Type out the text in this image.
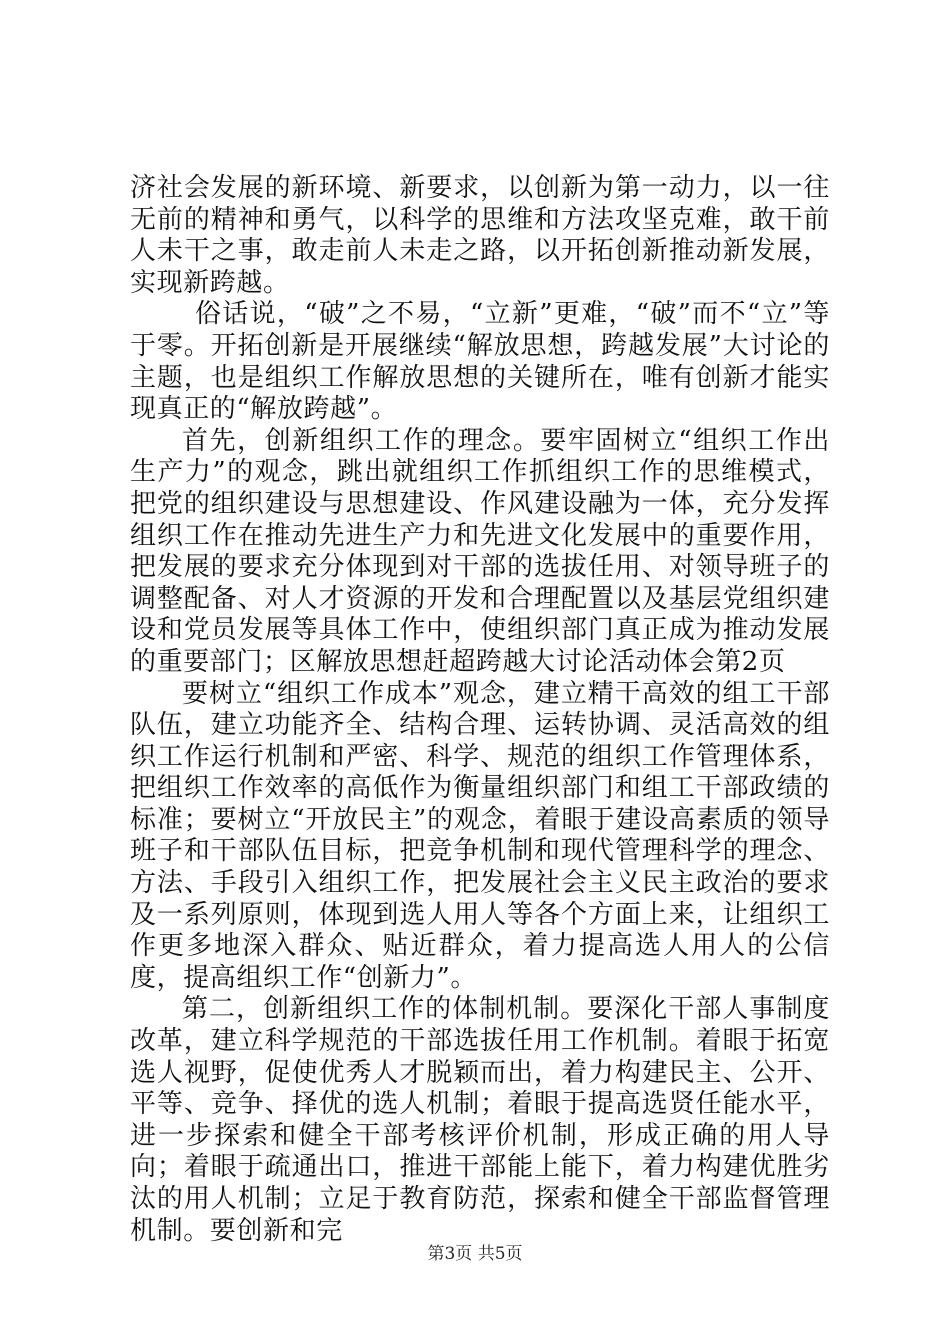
济社会发展的新环境、新要求，以创新为第一动力，以一往无前的精神和勇气，以科学的思维和方法攻坚克难，敢干前人未干之事，敢走前人未走之路，以开拓创新推动新发展，实现新跨越。

俗话说，“破”之不易，“立新”更难，“破”而不“立”等于零。开拓创新是开展继续“解放思想，跨越发展”大讨论的主题，也是组织工作解放思想的关键所在，唯有创新才能实现真正的“解放跨越”。

首先，创新组织工作的理念。要牢固树立“组织工作出生产力”的观念，跳出就组织工作抓组织工作的思维模式，把党的组织建设与思想建设、作风建设融为一体，充分发挥组织工作在推动先进生产力和先进文化发展中的重要作用，把发展的要求充分体现到对干部的选拔任用、对领导班子的调整配备、对人才资源的开发和合理配置以及基层党组织建设和党员发展等具体工作中，使组织部门真正成为推动发展的重要部门；区解放思想赶超跨越大讨论活动体会第2页

要树立“组织工作成本”观念，建立精干高效的组工干部队伍，建立功能齐全、结构合理、运转协调、灵活高效的组织工作运行机制和严密、科学、规范的组织工作管理体系，把组织工作效率的高低作为衡量组织部门和组工干部政绩的标准；要树立“开放民主”的观念，着眼于建设高素质的领导班子和干部队伍目标，把竞争机制和现代管理科学的理念、方法、手段引入组织工作，把发展社会主义民主政治的要求及一系列原则，体现到选人用人等各个方面上来，让组织工作更多地深入群众、贴近群众，着力提高选人用人的公信度，提高组织工作“创新力”。

第二，创新组织工作的体制机制。要深化干部人事制度改革，建立科学规范的干部选拔任用工作机制。着眼于拓宽选人视野，促使优秀人才脱颖而出，着力构建民主、公开、平等、竞争、择优的选人机制；着眼于提高选贤任能水平，进一步探索和健全干部考核评价机制，形成正确的用人导向；着眼于疏通出口，推进干部能上能下，着力构建优胜劣汰的用人机制；立足于教育防范，探索和健全干部监督管理机制。要创新和完

第3页 共5页
